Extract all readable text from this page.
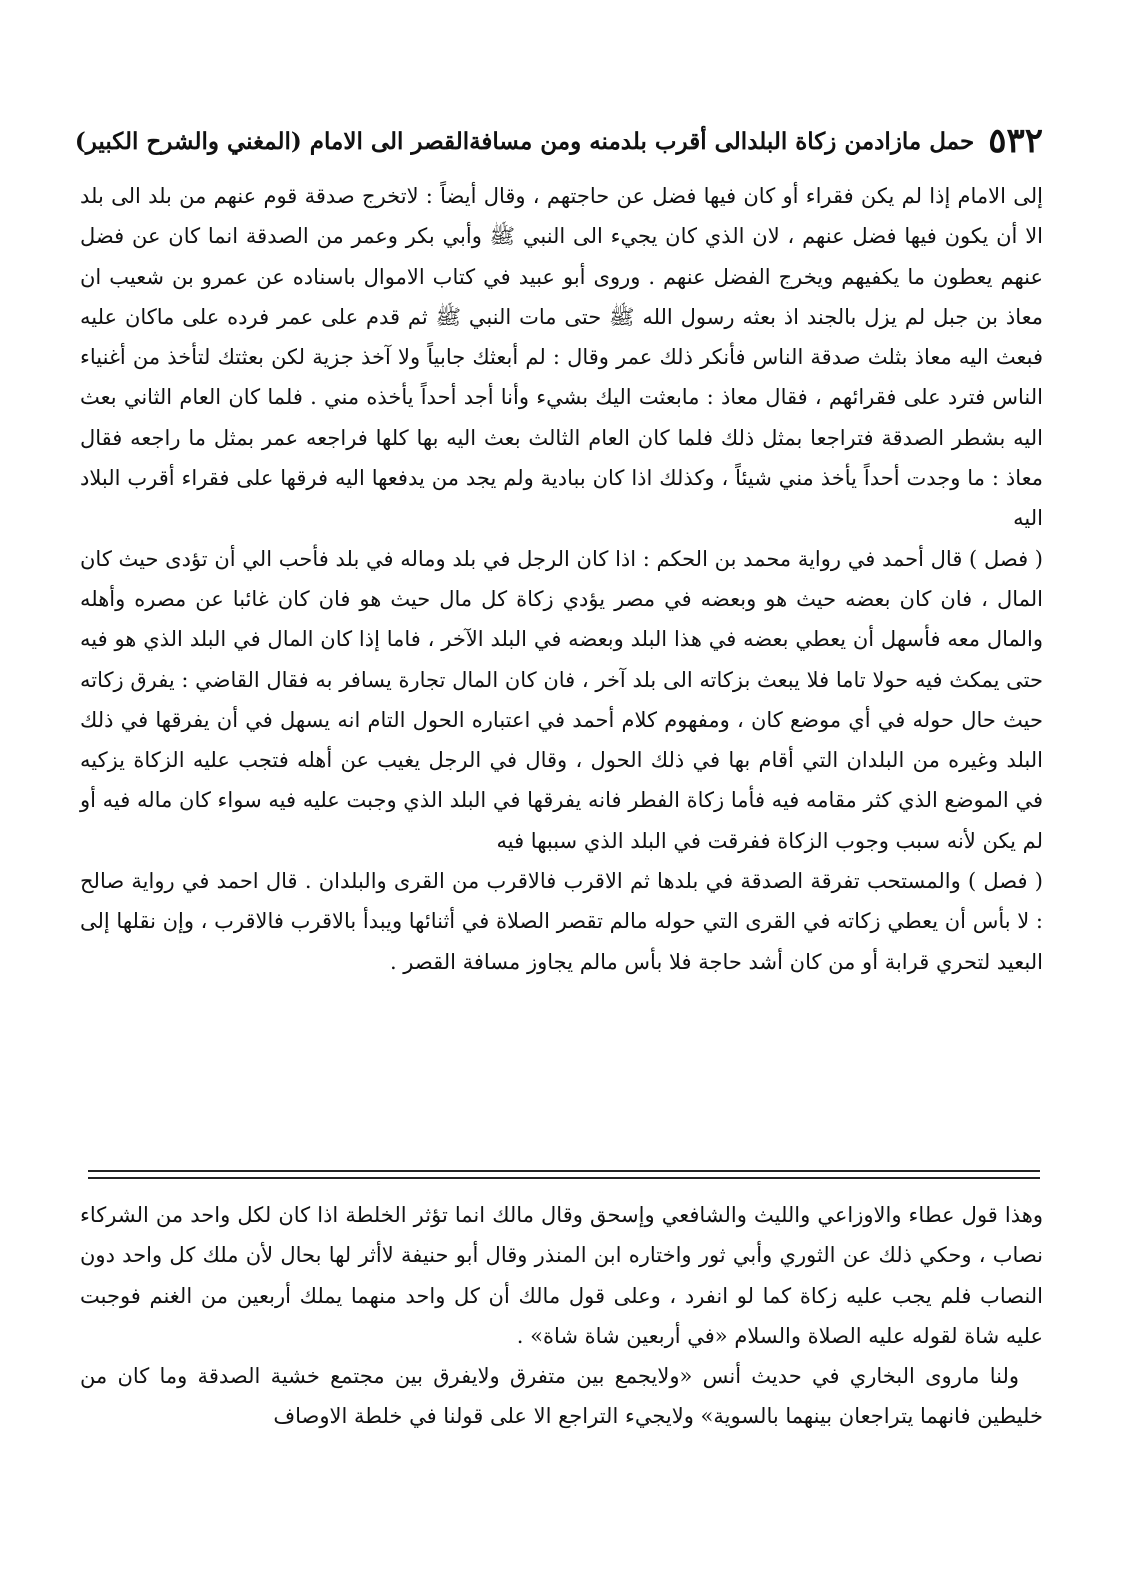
٥٣٢
حمل مازادمن زكاة البلدالى أقرب بلدمنه ومن مسافةالقصر الى الامام (المغني والشرح الكبير)

إلى الامام إذا لم يكن فقراء أو كان فيها فضل عن حاجتهم ، وقال أيضاً : لاتخرج صدقة قوم عنهم من بلد الى بلد الا أن يكون فيها فضل عنهم ، لان الذي كان يجيء الى النبي ﷺ وأبي بكر وعمر من الصدقة انما كان عن فضل عنهم يعطون ما يكفيهم ويخرج الفضل عنهم . وروى أبو عبيد في كتاب الاموال باسناده عن عمرو بن شعيب ان معاذ بن جبل لم يزل بالجند اذ بعثه رسول الله ﷺ حتى مات النبي ﷺ ثم قدم على عمر فرده على ماكان عليه فبعث اليه معاذ بثلث صدقة الناس فأنكر ذلك عمر وقال : لم أبعثك جابياً ولا آخذ جزية لكن بعثتك لتأخذ من أغنياء الناس فترد على فقرائهم ، فقال معاذ : مابعثت اليك بشيء وأنا أجد أحداً يأخذه مني . فلما كان العام الثاني بعث اليه بشطر الصدقة فتراجعا بمثل ذلك فلما كان العام الثالث بعث اليه بها كلها فراجعه عمر بمثل ما راجعه فقال معاذ : ما وجدت أحداً يأخذ مني شيئاً ، وكذلك اذا كان ببادية ولم يجد من يدفعها اليه فرقها على فقراء أقرب البلاد اليه

( فصل ) قال أحمد في رواية محمد بن الحكم : اذا كان الرجل في بلد وماله في بلد فأحب الي أن تؤدى حيث كان المال ، فان كان بعضه حيث هو وبعضه في مصر يؤدي زكاة كل مال حيث هو فان كان غائبا عن مصره وأهله والمال معه فأسهل أن يعطي بعضه في هذا البلد وبعضه في البلد الآخر ، فاما إذا كان المال في البلد الذي هو فيه حتى يمكث فيه حولا تاما فلا يبعث بزكاته الى بلد آخر ، فان كان المال تجارة يسافر به فقال القاضي : يفرق زكاته حيث حال حوله في أي موضع كان ، ومفهوم كلام أحمد في اعتباره الحول التام انه يسهل في أن يفرقها في ذلك البلد وغيره من البلدان التي أقام بها في ذلك الحول ، وقال في الرجل يغيب عن أهله فتجب عليه الزكاة يزكيه في الموضع الذي كثر مقامه فيه فأما زكاة الفطر فانه يفرقها في البلد الذي وجبت عليه فيه سواء كان ماله فيه أو لم يكن لأنه سبب وجوب الزكاة ففرقت في البلد الذي سببها فيه

( فصل ) والمستحب تفرقة الصدقة في بلدها ثم الاقرب فالاقرب من القرى والبلدان . قال احمد في رواية صالح : لا بأس أن يعطي زكاته في القرى التي حوله مالم تقصر الصلاة في أثنائها ويبدأ بالاقرب فالاقرب ، وإن نقلها إلى البعيد لتحري قرابة أو من كان أشد حاجة فلا بأس مالم يجاوز مسافة القصر .

وهذا قول عطاء والاوزاعي والليث والشافعي وإسحق وقال مالك انما تؤثر الخلطة اذا كان لكل واحد من الشركاء نصاب ، وحكي ذلك عن الثوري وأبي ثور واختاره ابن المنذر وقال أبو حنيفة لاأثر لها بحال لأن ملك كل واحد دون النصاب فلم يجب عليه زكاة كما لو انفرد ، وعلى قول مالك أن كل واحد منهما يملك أربعين من الغنم فوجبت عليه شاة لقوله عليه الصلاة والسلام «في أربعين شاة شاة» .

ولنا ماروى البخاري في حديث أنس «ولايجمع بين متفرق ولايفرق بين مجتمع خشية الصدقة وما كان من خليطين فانهما يتراجعان بينهما بالسوية» ولايجيء التراجع الا على قولنا في خلطة الاوصاف
